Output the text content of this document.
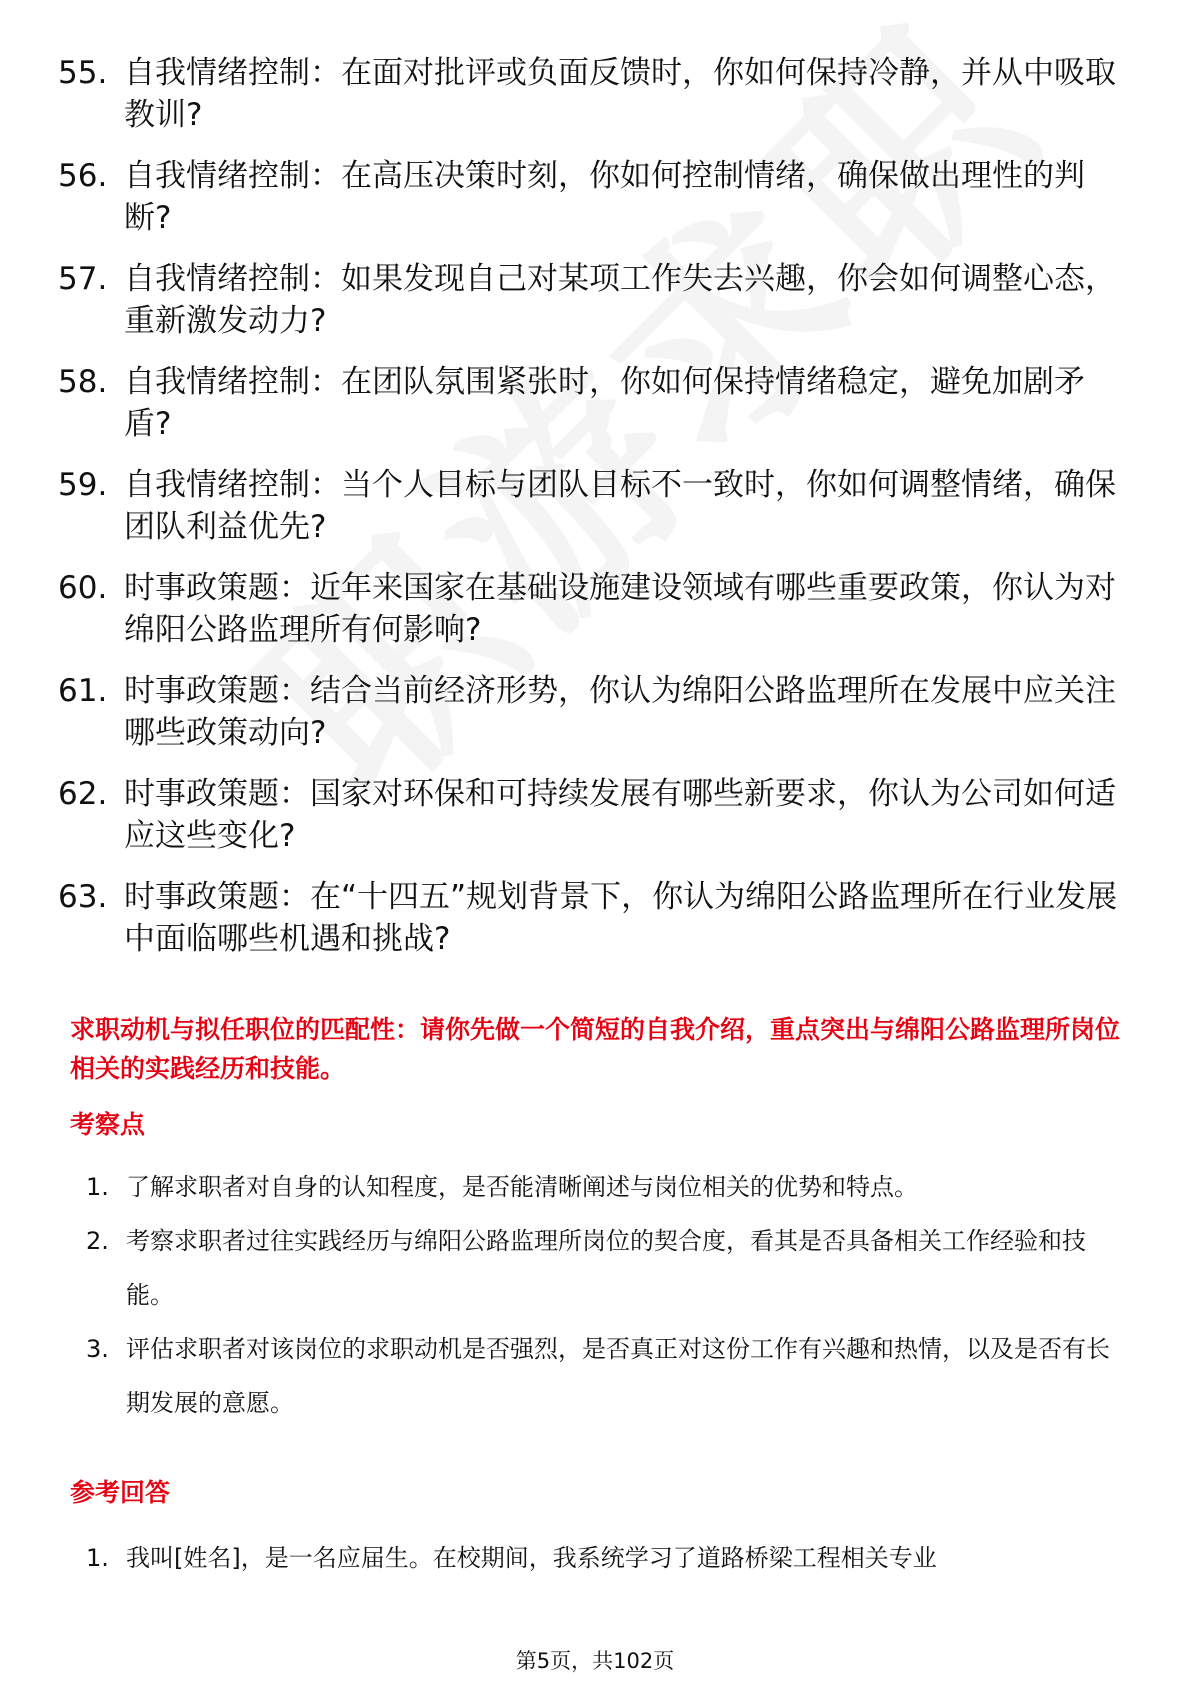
55. 自我情绪控制：在面对批评或负面反馈时，你如何保持冷静，并从中吸取教训?
56. 自我情绪控制：在高压决策时刻，你如何控制情绪，确保做出理性的判断?
57. 自我情绪控制：如果发现自己对某项工作失去兴趣，你会如何调整心态，重新激发动力?
58. 自我情绪控制：在团队氛围紧张时，你如何保持情绪稳定，避免加剧矛盾?
59. 自我情绪控制：当个人目标与团队目标不一致时，你如何调整情绪，确保团队利益优先?
60. 时事政策题：近年来国家在基础设施建设领域有哪些重要政策，你认为对绵阳公路监理所有何影响?
61. 时事政策题：结合当前经济形势，你认为绵阳公路监理所在发展中应关注哪些政策动向?
62. 时事政策题：国家对环保和可持续发展有哪些新要求，你认为公司如何适应这些变化?
63. 时事政策题：在“十四五”规划背景下，你认为绵阳公路监理所在行业发展中面临哪些机遇和挑战?
求职动机与拟任职位的匹配性：请你先做一个简短的自我介绍，重点突出与绵阳公路监理所岗位相关的实践经历和技能。
考察点
1. 了解求职者对自身的认知程度，是否能清晰阐述与岗位相关的优势和特点。
2. 考察求职者过往实践经历与绵阳公路监理所岗位的契合度，看其是否具备相关工作经验和技能。
3. 评估求职者对该岗位的求职动机是否强烈，是否真正对这份工作有兴趣和热情，以及是否有长期发展的意愿。
参考回答
1. 我叫[姓名]，是一名应届生。在校期间，我系统学习了道路桥梁工程相关专业
第5页，共102页
